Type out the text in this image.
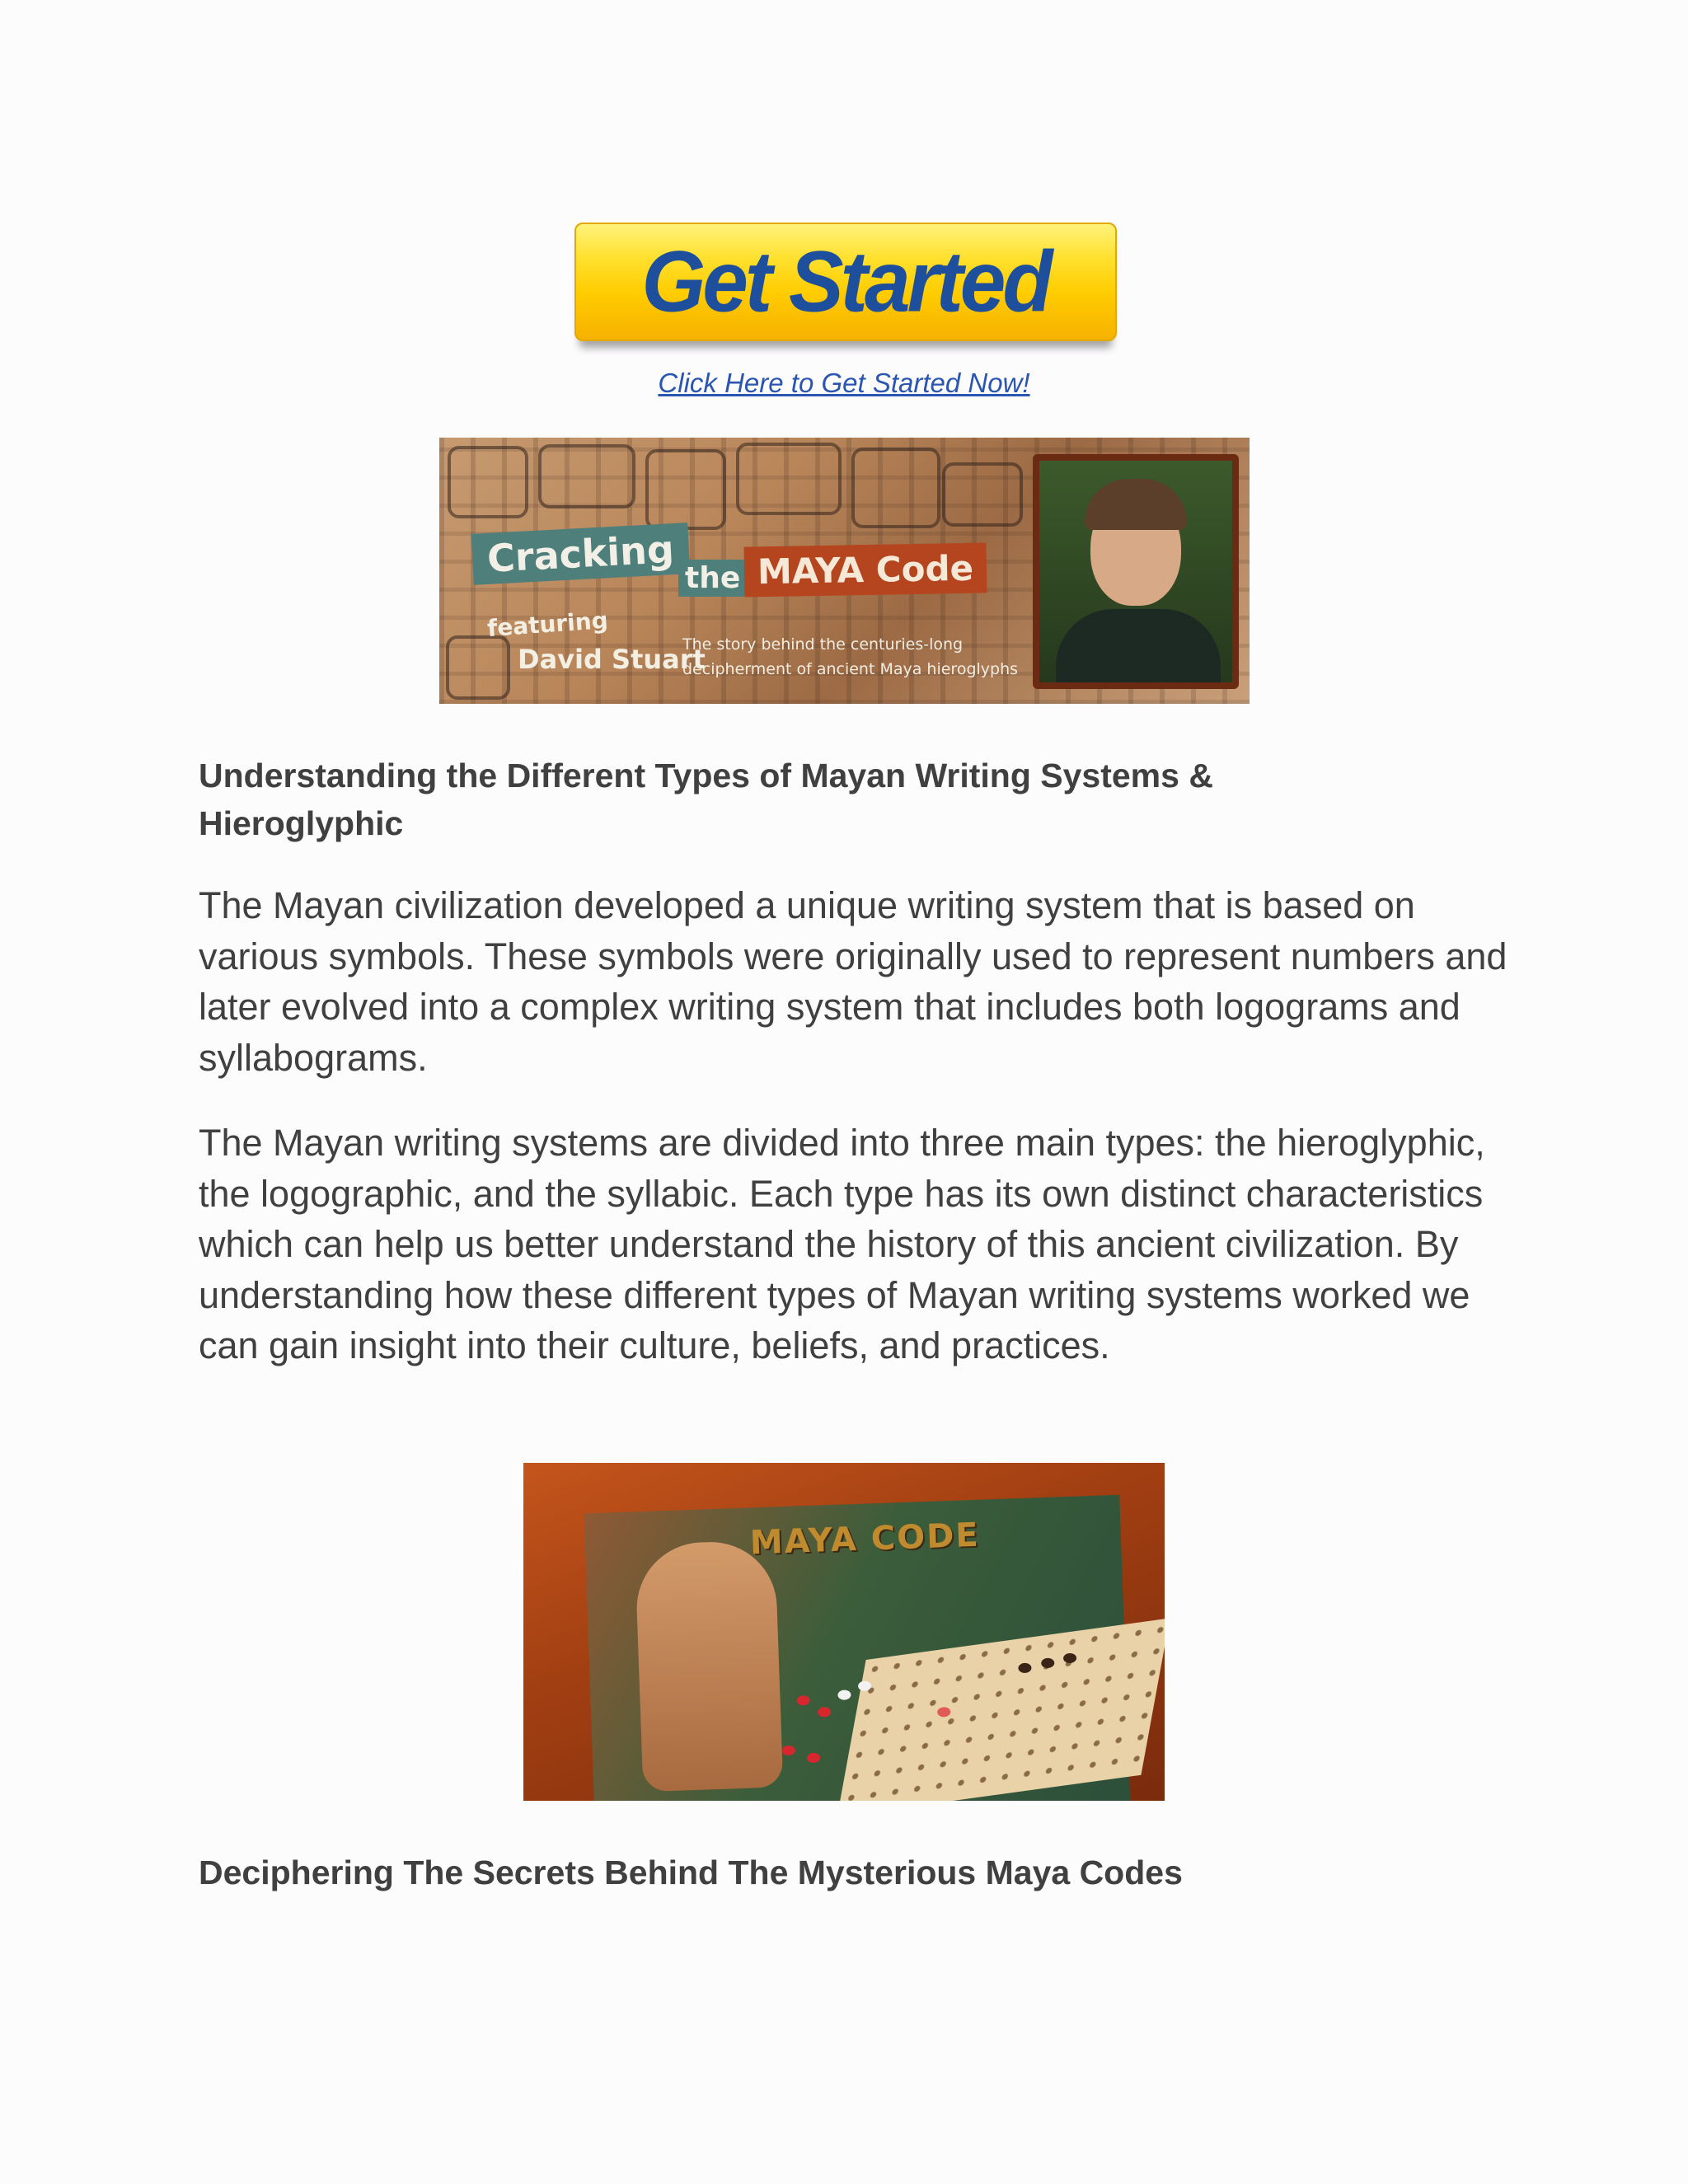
Get Started
Click Here to Get Started Now!
Cracking the MAYA Code
featuring
David Stuart
The story behind the centuries-long decipherment of ancient Maya hieroglyphs
Understanding the Different Types of Mayan Writing Systems & Hieroglyphic

The Mayan civilization developed a unique writing system that is based on various symbols. These symbols were originally used to represent numbers and later evolved into a complex writing system that includes both logograms and syllabograms.

The Mayan writing systems are divided into three main types: the hieroglyphic, the logographic, and the syllabic. Each type has its own distinct characteristics which can help us better understand the history of this ancient civilization. By understanding how these different types of Mayan writing systems worked we can gain insight into their culture, beliefs, and practices.

MAYA CODE
Deciphering The Secrets Behind The Mysterious Maya Codes
